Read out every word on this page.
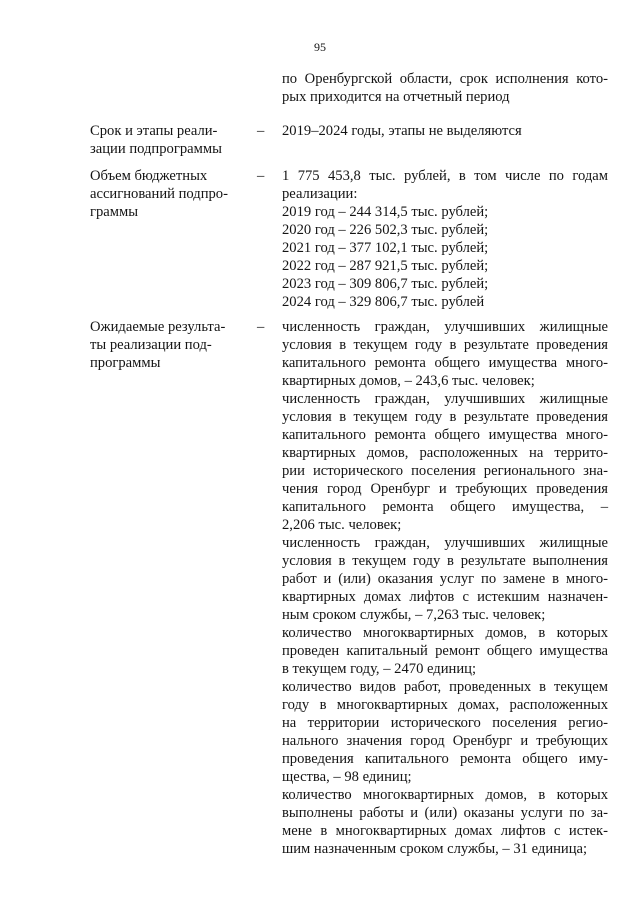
95
по Оренбургской области, срок исполнения кото-
рых приходится на отчетный период
Срок и этапы реали-
зации подпрограммы
– 2019–2024 годы, этапы не выделяются
Объем бюджетных
ассигнований подпро-
граммы
– 1 775 453,8 тыс. рублей, в том числе по годам
реализации:
2019 год – 244 314,5 тыс. рублей;
2020 год – 226 502,3 тыс. рублей;
2021 год – 377 102,1 тыс. рублей;
2022 год – 287 921,5 тыс. рублей;
2023 год – 309 806,7 тыс. рублей;
2024 год – 329 806,7 тыс. рублей
Ожидаемые результа-
ты реализации под-
программы
– численность граждан, улучшивших жилищные
условия в текущем году в результате проведения
капитального ремонта общего имущества много-
квартирных домов, – 243,6 тыс. человек;
численность граждан, улучшивших жилищные
условия в текущем году в результате проведения
капитального ремонта общего имущества много-
квартирных домов, расположенных на террито-
рии исторического поселения регионального зна-
чения город Оренбург и требующих проведения
капитального ремонта общего имущества, –
2,206 тыс. человек;
численность граждан, улучшивших жилищные
условия в текущем году в результате выполнения
работ и (или) оказания услуг по замене в много-
квартирных домах лифтов с истекшим назначен-
ным сроком службы, – 7,263 тыс. человек;
количество многоквартирных домов, в которых
проведен капитальный ремонт общего имущества
в текущем году, – 2470 единиц;
количество видов работ, проведенных в текущем
году в многоквартирных домах, расположенных
на территории исторического поселения регио-
нального значения город Оренбург и требующих
проведения капитального ремонта общего иму-
щества, – 98 единиц;
количество многоквартирных домов, в которых
выполнены работы и (или) оказаны услуги по за-
мене в многоквартирных домах лифтов с истек-
шим назначенным сроком службы, – 31 единица;
